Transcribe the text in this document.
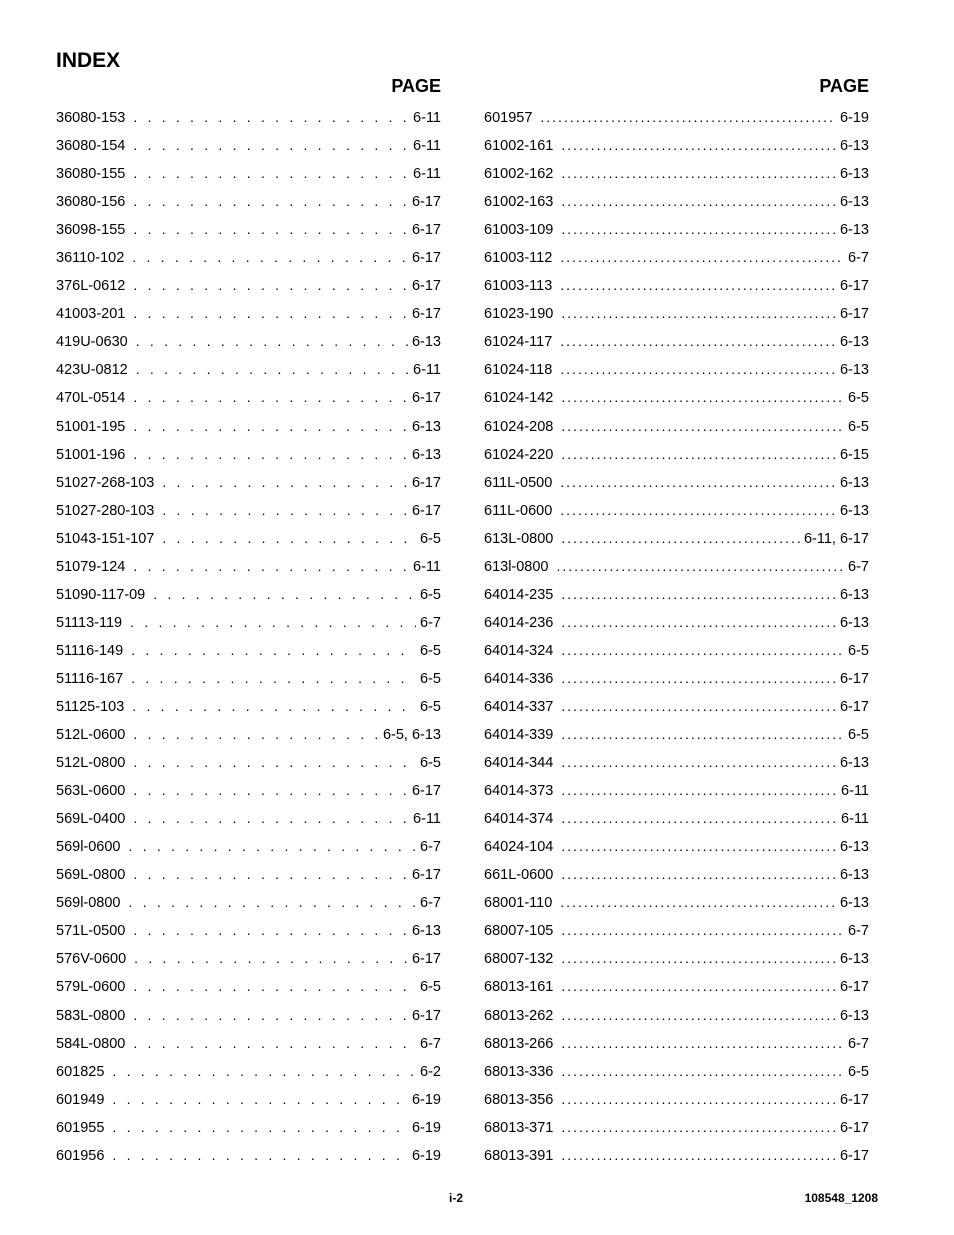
INDEX
PAGE
36080-153 . . .	6-11
36080-154 . . .	6-11
36080-155 . . .	6-11
36080-156 . . .	6-17
36098-155 . . .	6-17
36110-102 . . .	6-17
376L-0612 . . .	6-17
41003-201 . . .	6-17
419U-0630 . . .	6-13
423U-0812 . . .	6-11
470L-0514 . . .	6-17
51001-195 . . .	6-13
51001-196 . . .	6-13
51027-268-103 . . .	6-17
51027-280-103 . . .	6-17
51043-151-107 . . .	6-5
51079-124 . . .	6-11
51090-117-09 . . .	6-5
51113-119 . . .	6-7
51116-149 . . .	6-5
51116-167 . . .	6-5
51125-103 . . .	6-5
512L-0600 . . .	6-5, 6-13
512L-0800 . . .	6-5
563L-0600 . . .	6-17
569L-0400 . . .	6-11
569l-0600 . . .	6-7
569L-0800 . . .	6-17
569l-0800 . . .	6-7
571L-0500 . . .	6-13
576V-0600 . . .	6-17
579L-0600 . . .	6-5
583L-0800 . . .	6-17
584L-0800 . . .	6-7
601825 . . .	6-2
601949 . . .	6-19
601955 . . .	6-19
601956 . . .	6-19
PAGE
601957 .....	6-19
61002-161 .....	6-13
61002-162 .....	6-13
61002-163 .....	6-13
61003-109 .....	6-13
61003-112 .....	6-7
61003-113 .....	6-17
61023-190 .....	6-17
61024-117 .....	6-13
61024-118 .....	6-13
61024-142 .....	6-5
61024-208 .....	6-5
61024-220 .....	6-15
611L-0500 .....	6-13
611L-0600 .....	6-13
613L-0800 .....	6-11, 6-17
613l-0800 .....	6-7
64014-235 .....	6-13
64014-236 .....	6-13
64014-324 .....	6-5
64014-336 .....	6-17
64014-337 .....	6-17
64014-339 .....	6-5
64014-344 .....	6-13
64014-373 .....	6-11
64014-374 .....	6-11
64024-104 .....	6-13
661L-0600 .....	6-13
68001-110 .....	6-13
68007-105 .....	6-7
68007-132 .....	6-13
68013-161 .....	6-17
68013-262 .....	6-13
68013-266 .....	6-7
68013-336 .....	6-5
68013-356 .....	6-17
68013-371 .....	6-17
68013-391 .....	6-17
i-2	108548_1208
